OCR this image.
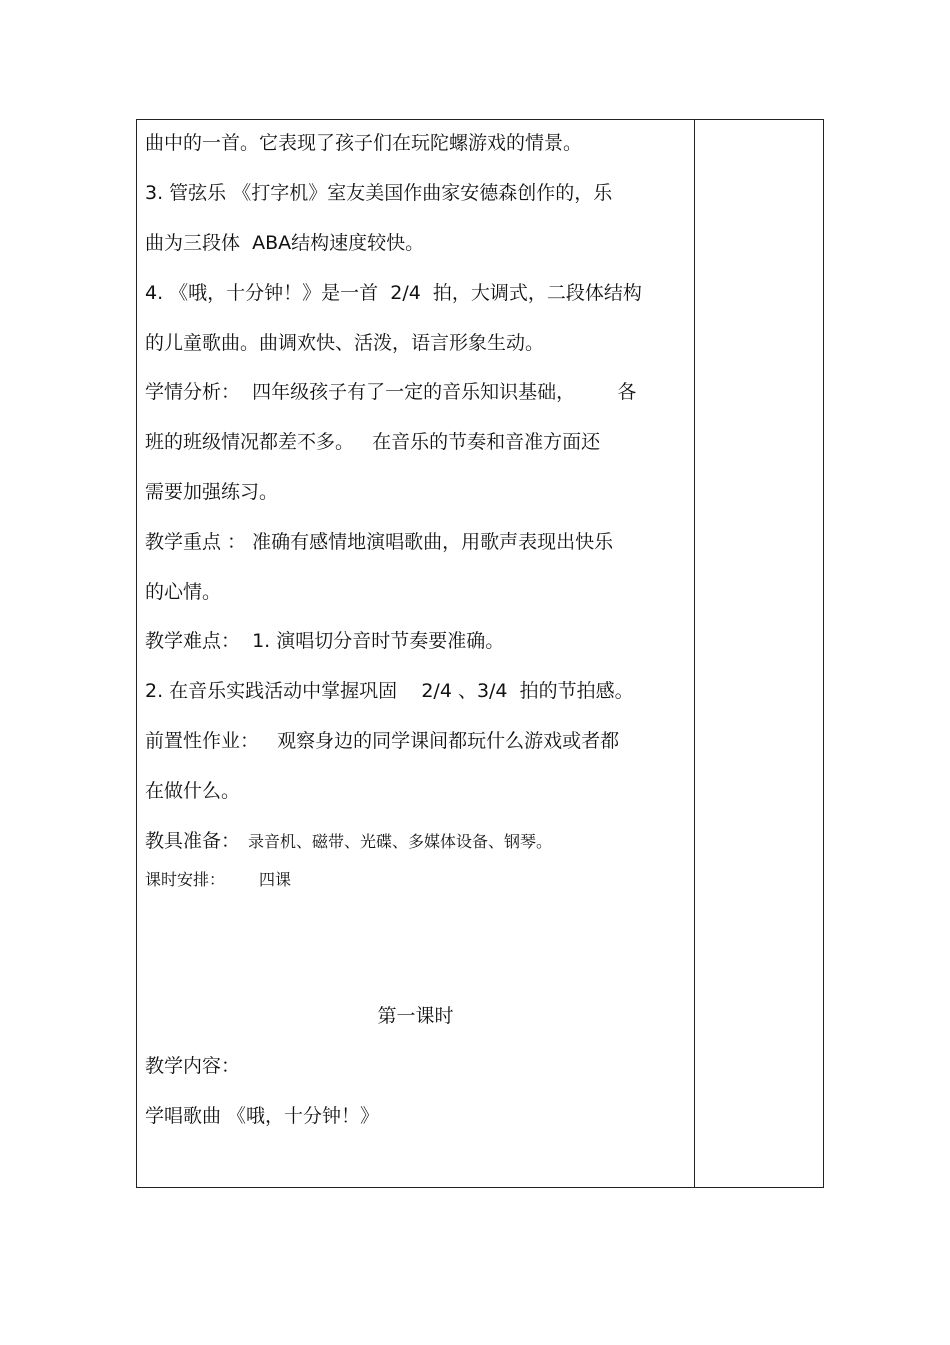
曲中的一首。它表现了孩子们在玩陀螺游戏的情景。
3. 管弦乐 《打字机》室友美国作曲家安德森创作的，乐
曲为三段体  ABA结构速度较快。
4. 《哦，十分钟！》是一首  2/4  拍，大调式，二段体结构
的儿童歌曲。曲调欢快、活泼，语言形象生动。
学情分析：  四年级孩子有了一定的音乐知识基础，       各
班的班级情况都差不多。   在音乐的节奏和音准方面还
需要加强练习。
教学重点 ： 准确有感情地演唱歌曲，用歌声表现出快乐
的心情。
教学难点：  1. 演唱切分音时节奏要准确。
2. 在音乐实践活动中掌握巩固    2/4 、3/4  拍的节拍感。
前置性作业：   观察身边的同学课间都玩什么游戏或者都
在做什么。
教具准备： 录音机、磁带、光碟、多媒体设备、钢琴。
课时安排： 四课
第一课时
教学内容：
学唱歌曲 《哦，十分钟！》
